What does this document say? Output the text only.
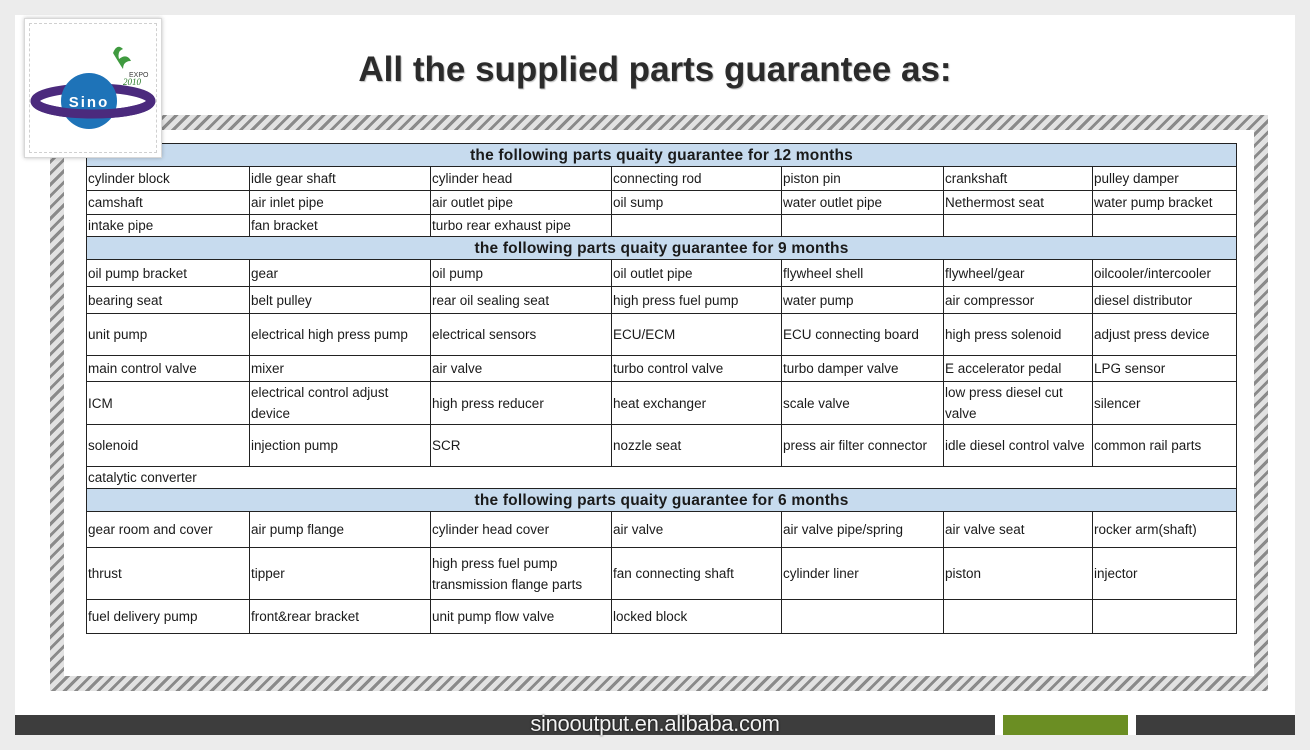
Sino
EXPO
2010	All the supplied parts guarantee as:
the following parts quaity guarantee for 12 months						
cylinder block	idle gear shaft	cylinder head	connecting rod	piston pin	crankshaft	pulley damper
camshaft	air inlet pipe	air outlet pipe	oil sump	water outlet pipe	Nethermost seat	water pump bracket
intake pipe	fan bracket	turbo rear exhaust pipe				
the following parts quaity guarantee for 9 months						
oil pump bracket	gear	oil pump	oil outlet pipe	flywheel shell	flywheel/gear	oilcooler/intercooler
bearing seat	belt pulley	rear oil sealing seat	high press fuel pump	water pump	air compressor	diesel distributor
unit pump	electrical high press pump	electrical sensors	ECU/ECM	ECU connecting board	high press solenoid	adjust press device
main control valve	mixer	air valve	turbo control valve	turbo damper valve	E accelerator pedal	LPG sensor
ICM	electrical control adjust device	high press reducer	heat exchanger	scale valve	low press diesel cut valve	silencer
solenoid	injection pump	SCR	nozzle seat	press air filter connector	idle diesel control valve	common rail parts
catalytic converter						
the following parts quaity guarantee for 6 months						
gear room and cover	air pump flange	cylinder head cover	air valve	air valve pipe/spring	air valve seat	rocker arm(shaft)
thrust	tipper	high press fuel pump transmission flange parts	fan connecting shaft	cylinder liner	piston	injector
fuel delivery pump	front&rear bracket	unit pump flow valve	locked block			
sinooutput.en.alibaba.com
